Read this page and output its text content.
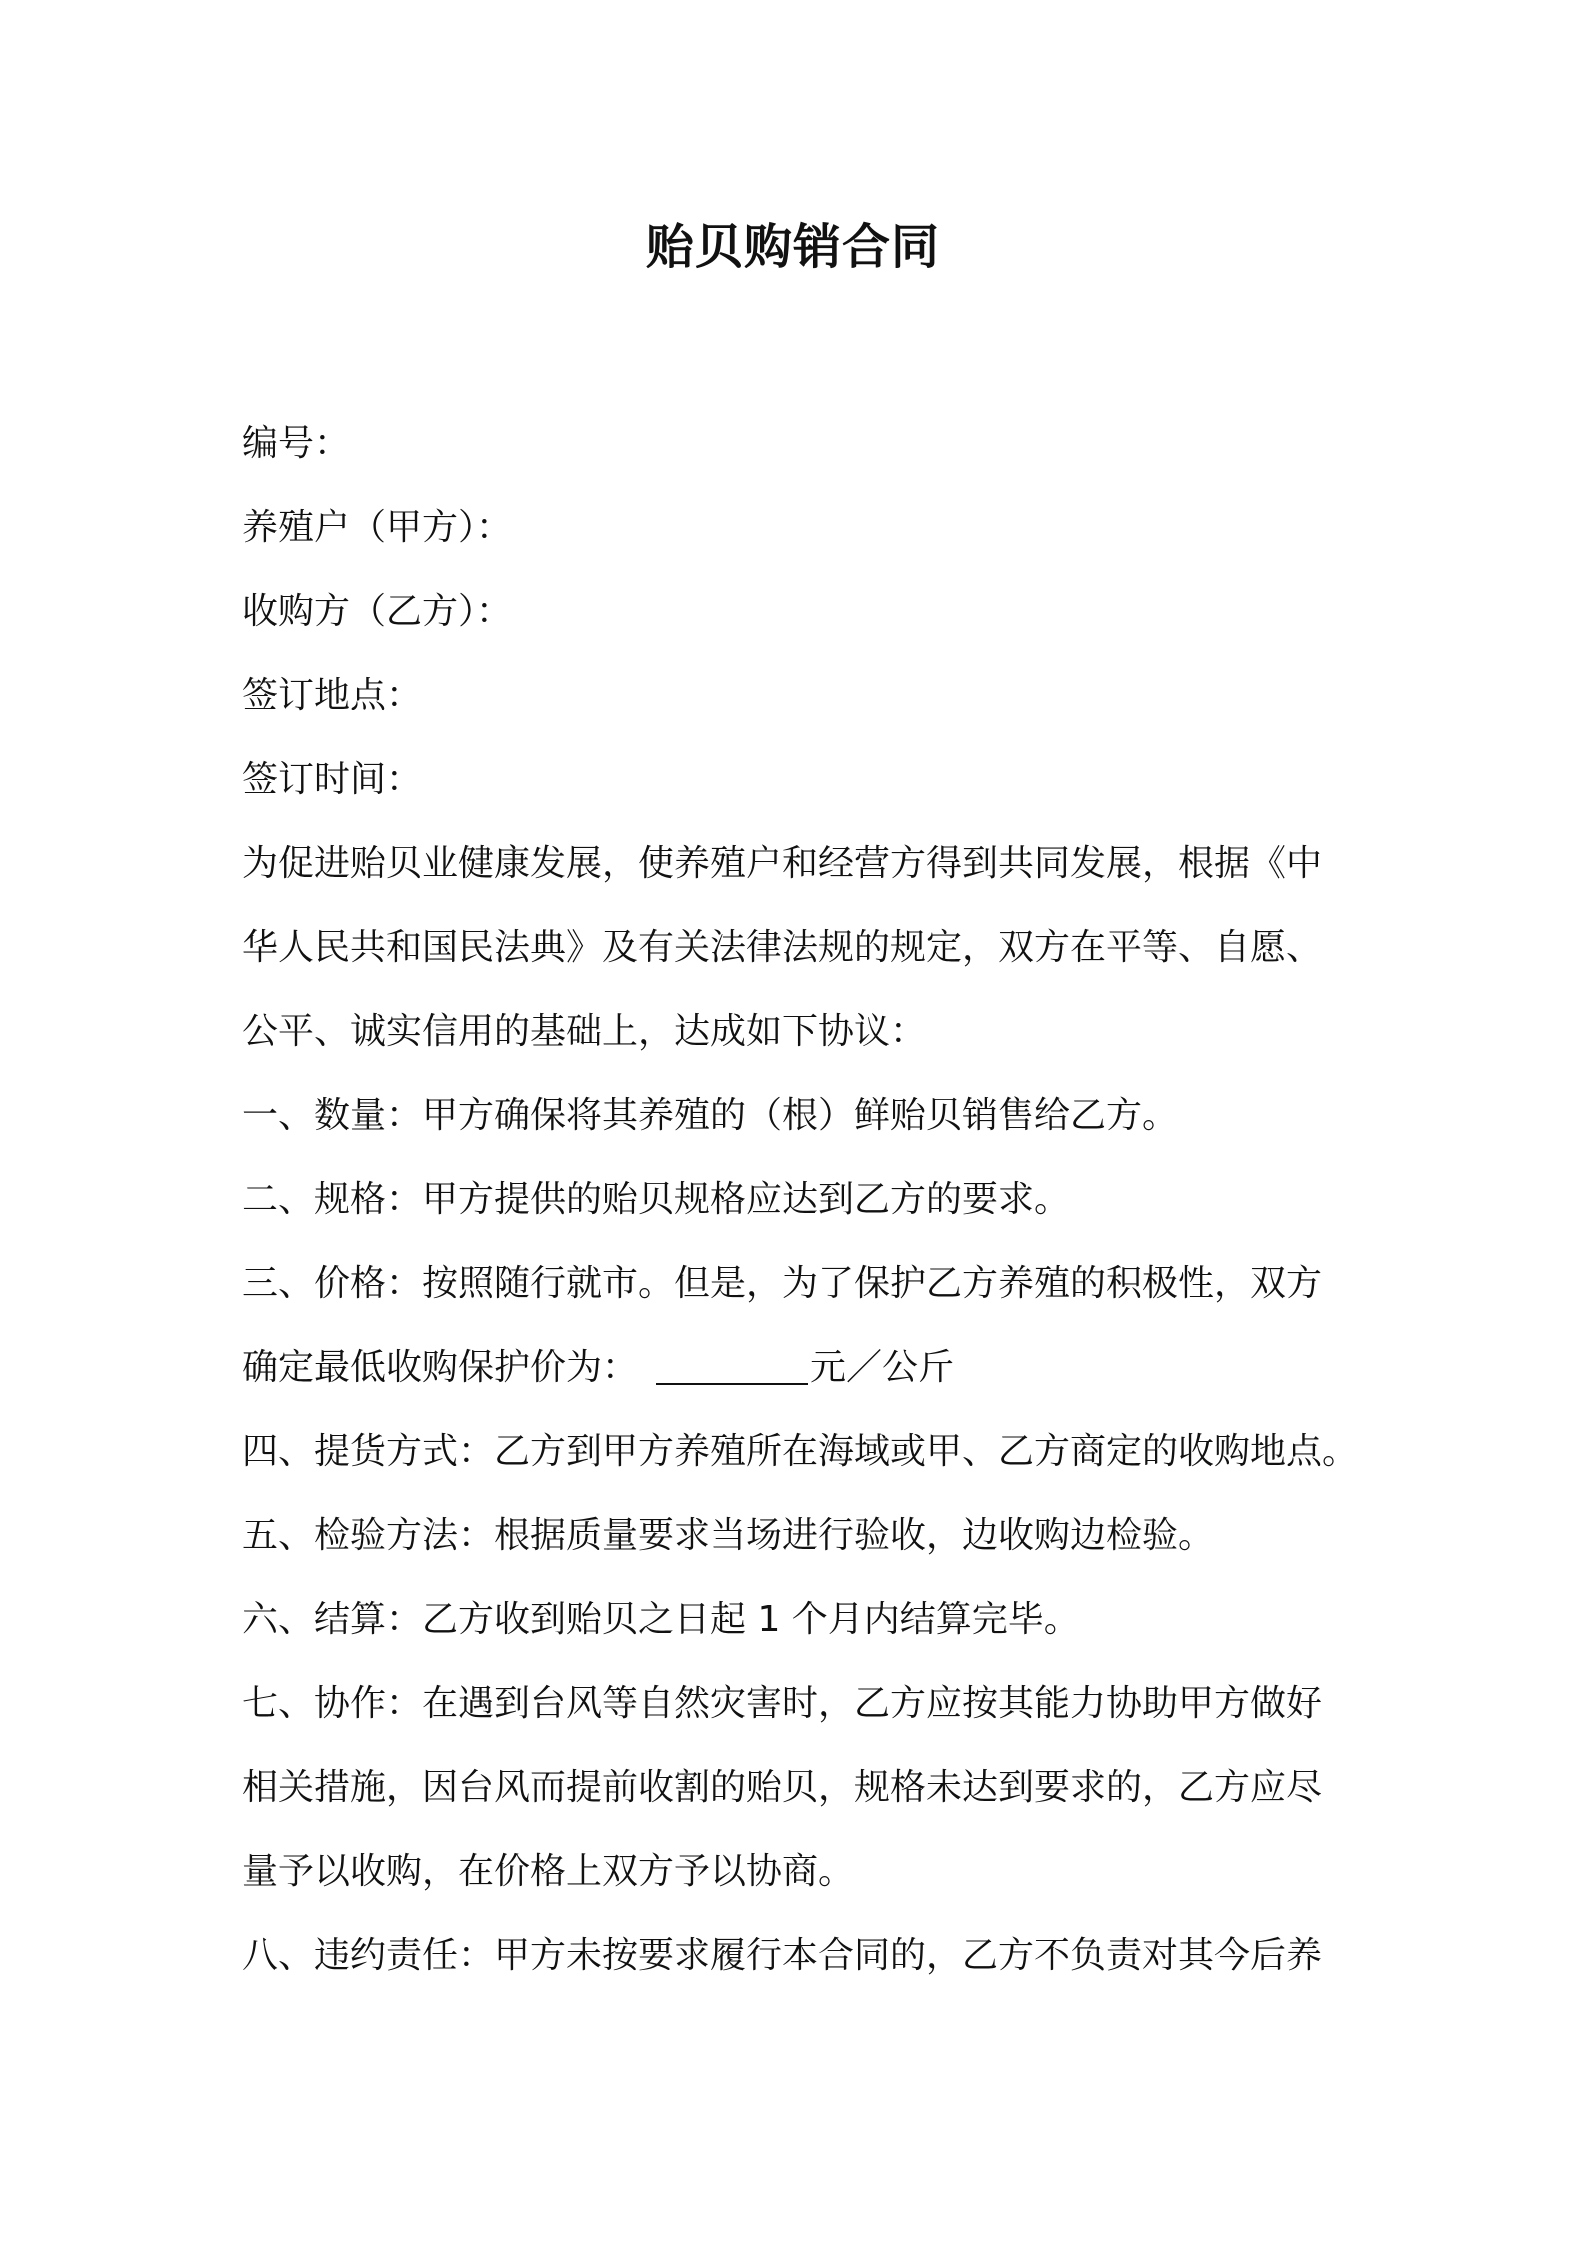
贻贝购销合同
编号：
养殖户（甲方）：
收购方（乙方）：
签订地点：
签订时间：
为促进贻贝业健康发展，使养殖户和经营方得到共同发展，根据《中
华人民共和国民法典》及有关法律法规的规定，双方在平等、自愿、
公平、诚实信用的基础上，达成如下协议：
一、数量：甲方确保将其养殖的（根）鲜贻贝销售给乙方。
二、规格：甲方提供的贻贝规格应达到乙方的要求。
三、价格：按照随行就市。但是，为了保护乙方养殖的积极性，双方
确定最低收购保护价为：	元／公斤
四、提货方式：乙方到甲方养殖所在海域或甲、乙方商定的收购地点。
五、检验方法：根据质量要求当场进行验收，边收购边检验。
六、结算：乙方收到贻贝之日起 1 个月内结算完毕。
七、协作：在遇到台风等自然灾害时，乙方应按其能力协助甲方做好
相关措施，因台风而提前收割的贻贝，规格未达到要求的，乙方应尽
量予以收购，在价格上双方予以协商。
八、违约责任：甲方未按要求履行本合同的，乙方不负责对其今后养
